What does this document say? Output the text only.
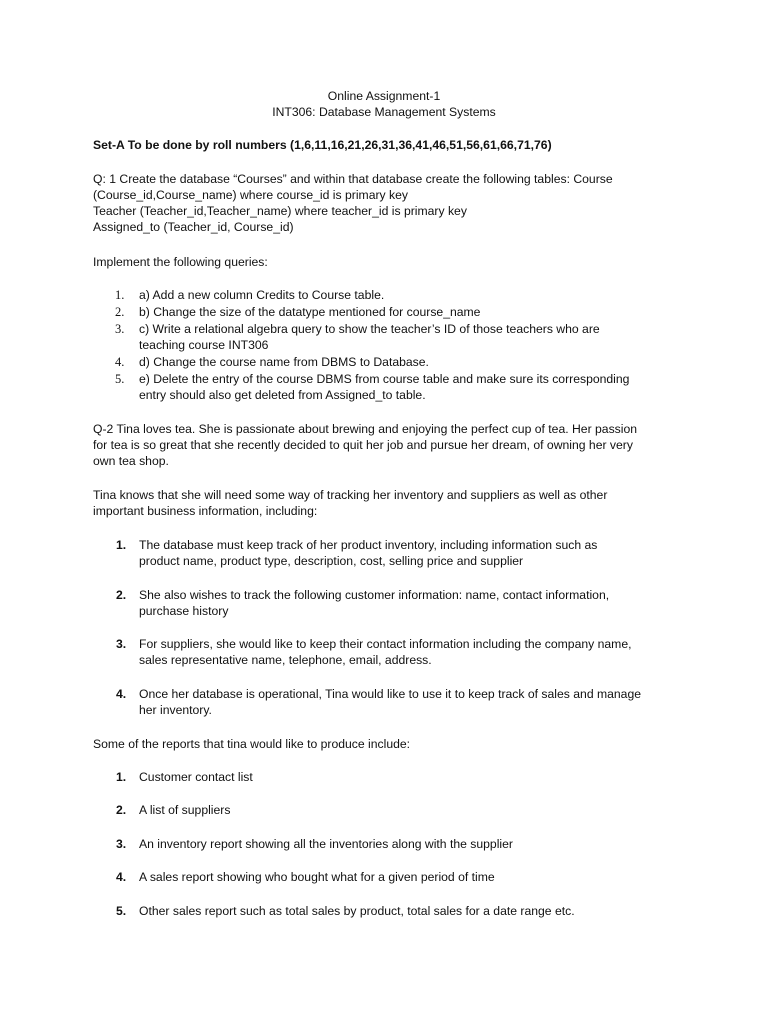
Online Assignment-1
INT306: Database Management Systems
Set-A To be done by roll numbers (1,6,11,16,21,26,31,36,41,46,51,56,61,66,71,76)
Q: 1 Create the database “Courses” and within that database create the following tables: Course
(Course_id,Course_name) where course_id is primary key
Teacher (Teacher_id,Teacher_name) where teacher_id is primary key
Assigned_to (Teacher_id, Course_id)
Implement the following queries:
1. a) Add a new column Credits to Course table.
2. b) Change the size of the datatype mentioned for course_name
3. c) Write a relational algebra query to show the teacher’s ID of those teachers who are
teaching course INT306
4. d) Change the course name from DBMS to Database.
5. e) Delete the entry of the course DBMS from course table and make sure its corresponding
entry should also get deleted from Assigned_to table.
Q-2 Tina loves tea. She is passionate about brewing and enjoying the perfect cup of tea. Her passion
for tea is so great that she recently decided to quit her job and pursue her dream, of owning her very
own tea shop.
Tina knows that she will need some way of tracking her inventory and suppliers as well as other
important business information, including:
1. The database must keep track of her product inventory, including information such as
product name, product type, description, cost, selling price and supplier
2. She also wishes to track the following customer information: name, contact information,
purchase history
3. For suppliers, she would like to keep their contact information including the company name,
sales representative name, telephone, email, address.
4. Once her database is operational, Tina would like to use it to keep track of sales and manage
her inventory.
Some of the reports that tina would like to produce include:
1. Customer contact list
2. A list of suppliers
3. An inventory report showing all the inventories along with the supplier
4. A sales report showing who bought what for a given period of time
5. Other sales report such as total sales by product, total sales for a date range etc.
